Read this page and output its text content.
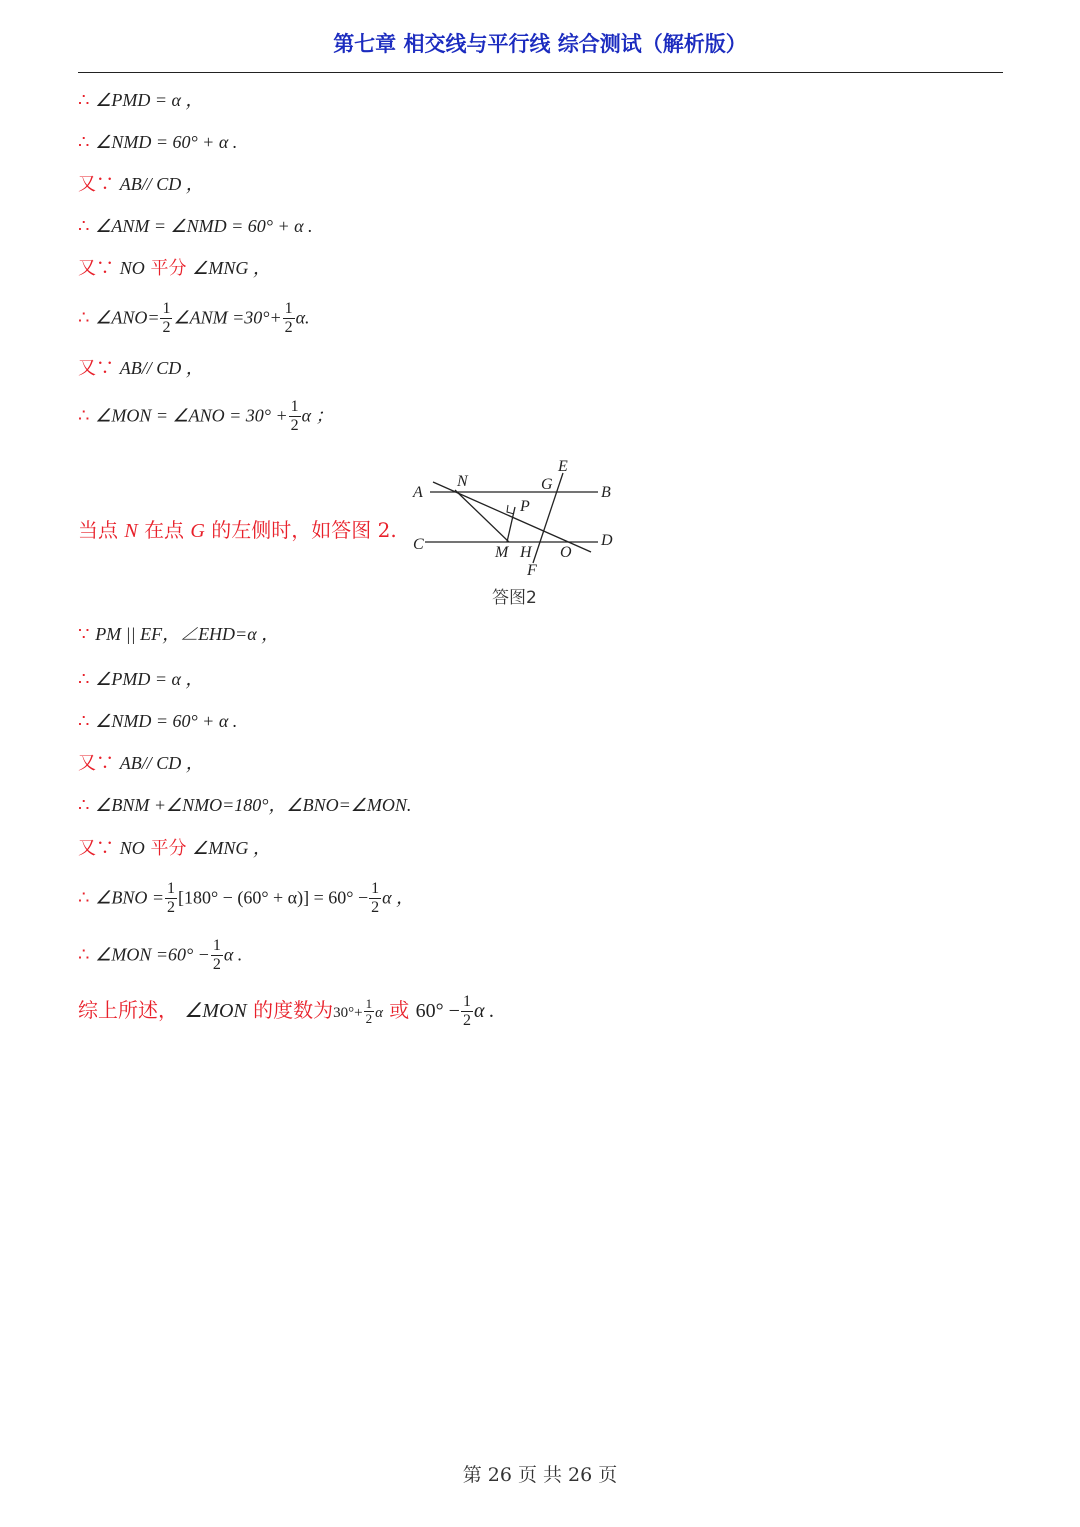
第七章 相交线与平行线 综合测试（解析版）
∴ ∠PMD = α ，
∴ ∠NMD = 60° + α .
又∵ AB// CD ，
∴ ∠ANM = ∠NMD = 60° + α .
又∵ NO 平分 ∠MNG ，
∴ ∠ANO= $\frac{1}{2}$ ∠ANM $=30^\circ+ \frac{1}{2} \alpha$.
又∵ AB// CD ，
∴ ∠MON = ∠ANO = $30^\circ + \frac{1}{2}$ α ；
当点 N 在点 G 的左侧时，如答图 2.
A	B
C	D
E
F
G
H
M
N
O
P
答图2
∵ PM || EF，∠EHD=α ，
∴ ∠PMD = α ，
∴ ∠NMD = 60° + α .
又∵ AB// CD ，
∴ ∠BNM +∠NMO=180°，∠BNO=∠MON.
又∵ NO 平分 ∠MNG ，
∴ ∠BNO = $\frac{1}{2} [180^\circ - (60^\circ + \alpha)] = 60^\circ - \frac{1}{2}$ α ，
∴ ∠MON $=60^\circ - \frac{1}{2}$ α .
综上所述， ∠MON 的度数为$30^\circ+ \frac{1}{2}$ α 或 $60^\circ - \frac{1}{2}$ α .
第 26 页 共 26 页
